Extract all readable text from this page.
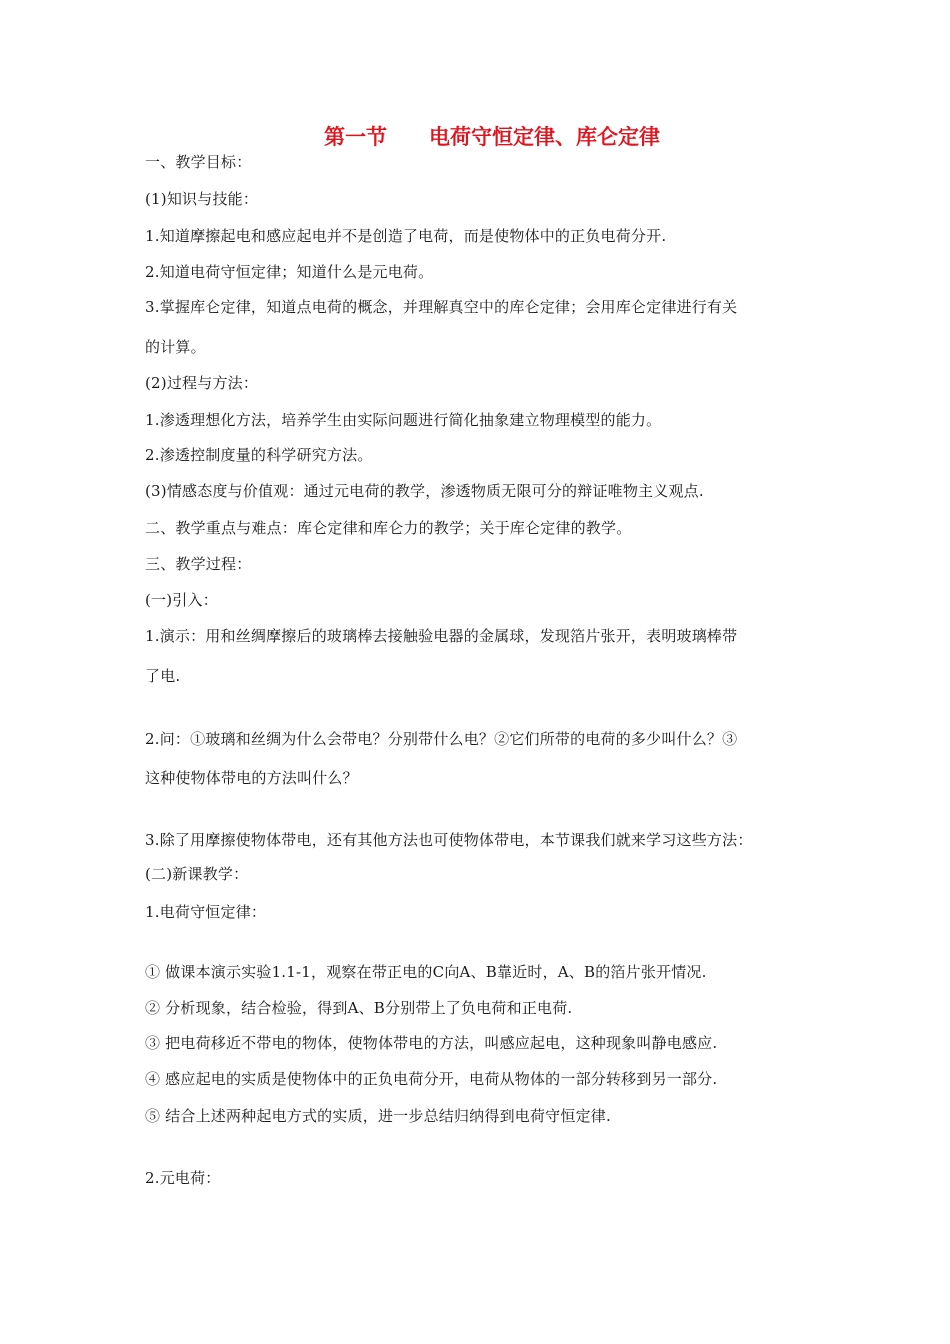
第一节　　电荷守恒定律、库仑定律
一、教学目标：
(1)知识与技能：
1.知道摩擦起电和感应起电并不是创造了电荷，而是使物体中的正负电荷分开.
2.知道电荷守恒定律；知道什么是元电荷。
3.掌握库仑定律，知道点电荷的概念，并理解真空中的库仑定律；会用库仑定律进行有关
的计算。
(2)过程与方法：
1.渗透理想化方法，培养学生由实际问题进行简化抽象建立物理模型的能力。
2.渗透控制度量的科学研究方法。
(3)情感态度与价值观：通过元电荷的教学，渗透物质无限可分的辩证唯物主义观点.
二、教学重点与难点：库仑定律和库仑力的教学；关于库仑定律的教学。
三、教学过程：
(一)引入：
1.演示：用和丝绸摩擦后的玻璃棒去接触验电器的金属球，发现箔片张开，表明玻璃棒带
了电.
2.问：①玻璃和丝绸为什么会带电？分别带什么电？②它们所带的电荷的多少叫什么？③
这种使物体带电的方法叫什么？
3.除了用摩擦使物体带电，还有其他方法也可使物体带电，本节课我们就来学习这些方法：
(二)新课教学：
1.电荷守恒定律：
① 做课本演示实验1.1-1，观察在带正电的C向A、B靠近时，A、B的箔片张开情况.
② 分析现象，结合检验，得到A、B分别带上了负电荷和正电荷.
③ 把电荷移近不带电的物体，使物体带电的方法，叫感应起电，这种现象叫静电感应.
④ 感应起电的实质是使物体中的正负电荷分开，电荷从物体的一部分转移到另一部分.
⑤ 结合上述两种起电方式的实质，进一步总结归纳得到电荷守恒定律.
2.元电荷：
